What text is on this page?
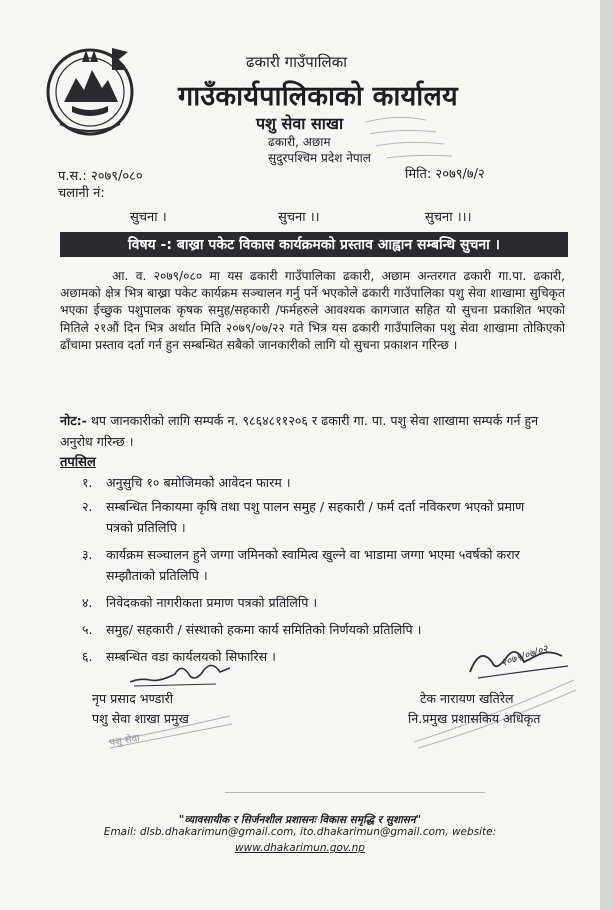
ढकारी गाउँपालिका
गाउँकार्यपालिकाको कार्यालय
पशु सेवा साखा
ढकारी, अछाम
सुदुरपश्चिम प्रदेश नेपाल
मिति: २०७९/७/२
प.स.: २०७९/०८०
चलानी नं:
सुचना ।	सुचना ।।	सुचना ।।।
विषय -: बाख्रा पकेट विकास कार्यक्रमको प्रस्ताव आह्वान सम्बन्धि सुचना ।
आ. व. २०७९/०८० मा यस ढकारी गाउँपालिका ढकारी, अछाम अन्तरगत ढकारी गा.पा. ढकारी, अछामको क्षेत्र भित्र बाख्रा पकेट कार्यक्रम सञ्चालन गर्नु पर्ने भएकोले ढकारी गाउँपालिका पशु सेवा शाखामा सुचिकृत भएका ईच्छुक पशुपालक कृषक समुह/सहकारी /फर्महरुले आवश्यक कागजात सहित यो सुचना प्रकाशित भएको मितिले २१औं दिन भित्र अर्थात मिति २०७९/०७/२२ गते भित्र यस ढकारी गाउँपालिका पशु सेवा शाखामा तोकिएको ढाँचामा प्रस्ताव दर्ता गर्न हुन सम्बन्धित सबैको जानकारीको लागि यो सुचना प्रकाशन गरिन्छ ।
नोट:- थप जानकारीको लागि सम्पर्क न. ९८६४८११२०६ र ढकारी गा. पा. पशु सेवा शाखामा सम्पर्क गर्न हुन अनुरोध गरिन्छ ।
तपसिल
१. अनुसुचि १० बमोजिमको आवेदन फारम ।
२. सम्बन्धित निकायमा कृषि तथा पशु पालन समुह / सहकारी / फर्म दर्ता नविकरण भएको प्रमाण पत्रको प्रतिलिपि ।
३. कार्यक्रम सञ्चालन हुने जग्गा जमिनको स्वामित्व खुल्ने वा भाडामा जग्गा भएमा ५वर्षको करार सम्झौताको प्रतिलिपि ।
४. निवेदकको नागरीकता प्रमाण पत्रको प्रतिलिपि ।
५. समुह/ सहकारी / संस्थाको हकमा कार्य समितिको निर्णयको प्रतिलिपि ।
६. सम्बन्धित वडा कार्यलयको सिफारिस ।
पशु सेवा
नृप प्रसाद भण्डारी
पशु सेवा शाखा प्रमुख
२०७९/०७/०२
टेक नारायण खतिरेल
नि.प्रमुख प्रशासकिय अधिकृत
"व्यावसायीक र सिर्जनशील प्रशासनः विकास समृद्धि र सुशासन"
Email: dlsb.dhakarimun@gmail.com, ito.dhakarimun@gmail.com, website:
www.dhakarimun.gov.np
